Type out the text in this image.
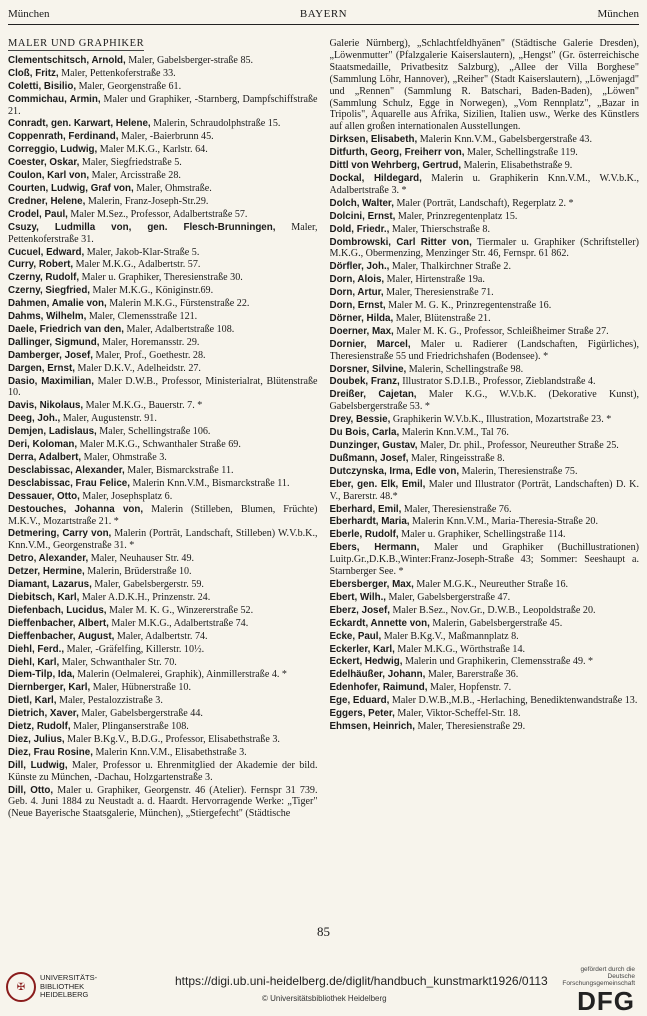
München	BAYERN	München
MALER UND GRAPHIKER
Clementschitsch, Arnold, Maler, Gabelsberger-straße 85.
Cloß, Fritz, Maler, Pettenkoferstraße 33.
Coletti, Bisilio, Maler, Georgenstraße 61.
Commichau, Armin, Maler und Graphiker, -Starnberg, Dampfschiffstraße 21.
Conradt, gen. Karwart, Helene, Malerin, Schraudolphstraße 15.
Coppenrath, Ferdinand, Maler, -Baierbrunn 45.
Correggio, Ludwig, Maler M.K.G., Karlstr. 64.
Coester, Oskar, Maler, Siegfriedstraße 5.
Coulon, Karl von, Maler, Arcisstraße 28.
Courten, Ludwig, Graf von, Maler, Ohmstraße.
Credner, Helene, Malerin, Franz-Joseph-Str.29.
Crodel, Paul, Maler M.Sez., Professor, Adalbertstraße 57.
Csuzy, Ludmilla von, gen. Flesch-Brunningen, Maler, Pettenkoferstraße 31.
Cucuel, Edward, Maler, Jakob-Klar-Straße 5.
Curry, Robert, Maler M.K.G., Adalbertstr. 57.
Czerny, Rudolf, Maler u. Graphiker, Theresienstraße 30.
Czerny, Siegfried, Maler M.K.G., Königinstr.69.
Dahmen, Amalie von, Malerin M.K.G., Fürstenstraße 22.
Dahms, Wilhelm, Maler, Clemensstraße 121.
Daele, Friedrich van den, Maler, Adalbertstraße 108.
Dallinger, Sigmund, Maler, Horemansstr. 29.
Damberger, Josef, Maler, Prof., Goethestr. 28.
Dargen, Ernst, Maler D.K.V., Adelheidstr. 27.
Dasio, Maximilian, Maler D.W.B., Professor, Ministerialrat, Blütenstraße 10.
Davis, Nikolaus, Maler M.K.G., Bauerstr. 7. *
Deeg, Joh., Maler, Augustenstr. 91.
Demjen, Ladislaus, Maler, Schellingstraße 106.
Deri, Koloman, Maler M.K.G., Schwanthaler Straße 69.
Derra, Adalbert, Maler, Ohmstraße 3.
Desclabissac, Alexander, Maler, Bismarckstraße 11.
Desclabissac, Frau Felice, Malerin Knn.V.M., Bismarckstraße 11.
Dessauer, Otto, Maler, Josephsplatz 6.
Destouches, Johanna von, Malerin (Stilleben, Blumen, Früchte) M.K.V., Mozartstraße 21. *
Detmering, Carry von, Malerin (Porträt, Landschaft, Stilleben) W.V.b.K., Knn.V.M., Georgenstraße 31. *
Detro, Alexander, Maler, Neuhauser Str. 49.
Detzer, Hermine, Malerin, Brüderstraße 10.
Diamant, Lazarus, Maler, Gabelsbergerstr. 59.
Diebitsch, Karl, Maler A.D.K.H., Prinzenstr. 24.
Diefenbach, Lucidus, Maler M. K. G., Winzererstraße 52.
Dieffenbacher, Albert, Maler M.K.G., Adalbertstraße 74.
Dieffenbacher, August, Maler, Adalbertstr. 74.
Diehl, Ferd., Maler, -Gräfelfing, Killerstr. 10½.
Diehl, Karl, Maler, Schwanthaler Str. 70.
Diem-Tilp, Ida, Malerin (Oelmalerei, Graphik), Ainmillerstraße 4. *
Diernberger, Karl, Maler, Hübnerstraße 10.
Dietl, Karl, Maler, Pestalozzistraße 3.
Dietrich, Xaver, Maler, Gabelsbergerstraße 44.
Dietz, Rudolf, Maler, Plinganserstraße 108.
Diez, Julius, Maler B.Kg.V., B.D.G., Professor, Elisabethstraße 3.
Diez, Frau Rosine, Malerin Knn.V.M., Elisabethstraße 3.
Dill, Ludwig, Maler, Professor u. Ehrenmitglied der Akademie der bild. Künste zu München, -Dachau, Holzgartenstraße 3.
Dill, Otto, Maler u. Graphiker, Georgenstr. 46 (Atelier). Fernspr 31 739. Geb. 4. Juni 1884 zu Neustadt a. d. Haardt. Hervorragende Werke: „Tiger" (Neue Bayerische Staatsgalerie, München), „Stiergefecht" (Städtische
Galerie Nürnberg), „Schlachtfeldhyänen" (Städtische Galerie Dresden), „Löwenmutter" (Pfalzgalerie Kaiserslautern), „Hengst" (Gr. österreichische Staatsmedaille, Privatbesitz Salzburg), „Allee der Villa Borghese" (Sammlung Löhr, Hannover), „Reiher" (Stadt Kaiserslautern), „Löwenjagd" und „Rennen" (Sammlung R. Batschari, Baden-Baden), „Löwen" (Sammlung Schulz, Egge in Norwegen), „Vom Rennplatz", „Bazar in Tripolis", Aquarelle aus Afrika, Sizilien, Italien usw., Werke des Künstlers auf allen großen internationalen Ausstellungen.
Dirksen, Elisabeth, Malerin Knn.V.M., Gabelsbergerstraße 43.
Ditfurth, Georg, Freiherr von, Maler, Schellingstraße 119.
Dittl von Wehrberg, Gertrud, Malerin, Elisabethstraße 9.
Dockal, Hildegard, Malerin u. Graphikerin Knn.V.M., W.V.b.K., Adalbertstraße 3. *
Dolch, Walter, Maler (Porträt, Landschaft), Regerplatz 2. *
Dolcini, Ernst, Maler, Prinzregentenplatz 15.
Dold, Friedr., Maler, Thierschstraße 8.
Dombrowski, Carl Ritter von, Tiermaler u. Graphiker (Schriftsteller) M.K.G., Obermenzing, Menzinger Str. 46, Fernspr. 61 862.
Dörfler, Joh., Maler, Thalkirchner Straße 2.
Dorn, Alois, Maler, Hirtenstraße 19a.
Dorn, Artur, Maler, Theresienstraße 71.
Dorn, Ernst, Maler M. G. K., Prinzregentenstraße 16.
Dörner, Hilda, Maler, Blütenstraße 21.
Doerner, Max, Maler M. K. G., Professor, Schleißheimer Straße 27.
Dornier, Marcel, Maler u. Radierer (Landschaften, Figürliches), Theresienstraße 55 und Friedrichshafen (Bodensee). *
Dorsner, Silvine, Malerin, Schellingstraße 98.
Doubek, Franz, Illustrator S.D.I.B., Professor, Zieblandstraße 4.
Dreißer, Cajetan, Maler K.G., W.V.b.K. (Dekorative Kunst), Gabelsbergerstraße 53. *
Drey, Bessie, Graphikerin W.V.b.K., Illustration, Mozartstraße 23. *
Du Bois, Carla, Malerin Knn.V.M., Tal 76.
Dunzinger, Gustav, Maler, Dr. phil., Professor, Neureuther Straße 25.
Dußmann, Josef, Maler, Ringeisstraße 8.
Dutczynska, Irma, Edle von, Malerin, Theresienstraße 75.
Eber, gen. Elk, Emil, Maler und Illustrator (Porträt, Landschaften) D. K. V., Barerstr. 48.*
Eberhard, Emil, Maler, Theresienstraße 76.
Eberhardt, Maria, Malerin Knn.V.M., Maria-Theresia-Straße 20.
Eberle, Rudolf, Maler u. Graphiker, Schellingstraße 114.
Ebers, Hermann, Maler und Graphiker (Buchillustrationen) Luitp.Gr.,D.K.B.,Winter:Franz-Joseph-Straße 43; Sommer: Seeshaupt a. Starnberger See. *
Ebersberger, Max, Maler M.G.K., Neureuther Straße 16.
Ebert, Wilh., Maler, Gabelsbergerstraße 47.
Eberz, Josef, Maler B.Sez., Nov.Gr., D.W.B., Leopoldstraße 20.
Eckardt, Annette von, Malerin, Gabelsbergerstraße 45.
Ecke, Paul, Maler B.Kg.V., Maßmannplatz 8.
Eckerler, Karl, Maler M.K.G., Wörthstraße 14.
Eckert, Hedwig, Malerin und Graphikerin, Clemensstraße 49. *
Edelhäußer, Johann, Maler, Barerstraße 36.
Edenhofer, Raimund, Maler, Hopfenstr. 7.
Ege, Eduard, Maler D.W.B.,M.B., -Herlaching, Benediktenwandstraße 13.
Eggers, Peter, Maler, Viktor-Scheffel-Str. 18.
Ehmsen, Heinrich, Maler, Theresienstraße 29.
85
✠
UNIVERSITÄTS-
BIBLIOTHEK
HEIDELBERG
https://digi.ub.uni-heidelberg.de/diglit/handbuch_kunstmarkt1926/0113
© Universitätsbibliothek Heidelberg
gefördert durch die
Deutsche
Forschungsgemeinschaft
DFG
